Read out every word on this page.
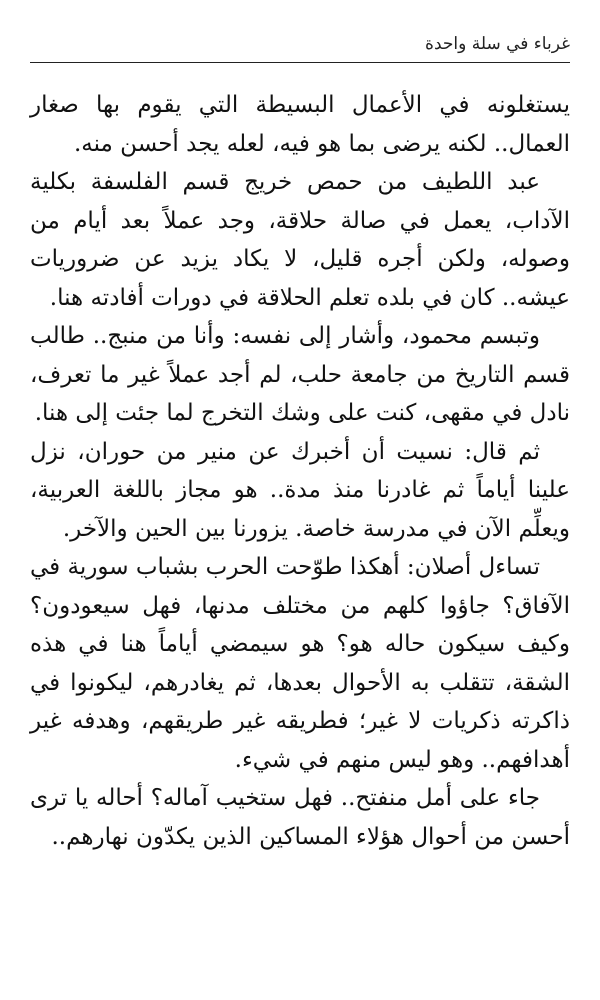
غرباء في سلة واحدة

يستغلونه في الأعمال البسيطة التي يقوم بها صغار العمال.. لكنه يرضى بما هو فيه، لعله يجد أحسن منه.

عبد اللطيف من حمص خريج قسم الفلسفة بكلية الآداب، يعمل في صالة حلاقة، وجد عملاً بعد أيام من وصوله، ولكن أجره قليل، لا يكاد يزيد عن ضروريات عيشه.. كان في بلده تعلم الحلاقة في دورات أفادته هنا.

وتبسم محمود، وأشار إلى نفسه: وأنا من منبج.. طالب قسم التاريخ من جامعة حلب، لم أجد عملاً غير ما تعرف، نادل في مقهى، كنت على وشك التخرج لما جئت إلى هنا.

ثم قال: نسيت أن أخبرك عن منير من حوران، نزل علينا أياماً ثم غادرنا منذ مدة.. هو مجاز باللغة العربية، ويعلِّم الآن في مدرسة خاصة. يزورنا بين الحين والآخر.

تساءل أصلان: أهكذا طوّحت الحرب بشباب سورية في الآفاق؟ جاؤوا كلهم من مختلف مدنها، فهل سيعودون؟ وكيف سيكون حاله هو؟ هو سيمضي أياماً هنا في هذه الشقة، تتقلب به الأحوال بعدها، ثم يغادرهم، ليكونوا في ذاكرته ذكريات لا غير؛ فطريقه غير طريقهم، وهدفه غير أهدافهم.. وهو ليس منهم في شيء.

جاء على أمل منفتح.. فهل ستخيب آماله؟ أحاله يا ترى أحسن من أحوال هؤلاء المساكين الذين يكدّون نهارهم..
